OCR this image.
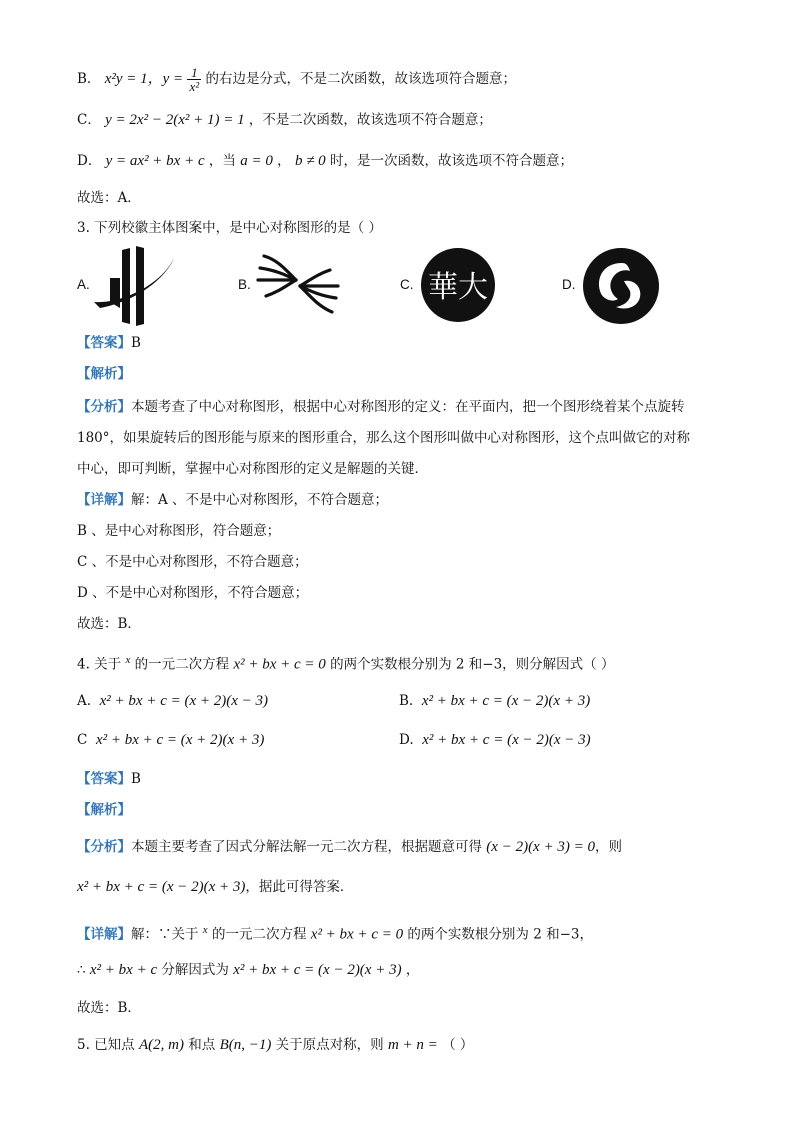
B． x²y = 1，$y = \frac{1}{\text{x²}}$ 的右边是分式，不是二次函数，故该选项符合题意；
C． y = 2x² − 2(x² + 1) = 1 ，不是二次函数，故该选项不符合题意；
D． y = ax² + bx + c ，当 a = 0 ， b ≠ 0 时，是一次函数，故该选项不符合题意；
故选：A．
3. 下列校徽主体图案中，是中心对称图形的是（ ）
A.	B.	C. 華大	D.
【答案】B
【解析】
【分析】本题考查了中心对称图形，根据中心对称图形的定义：在平面内，把一个图形绕着某个点旋转
180°，如果旋转后的图形能与原来的图形重合，那么这个图形叫做中心对称图形，这个点叫做它的对称
中心，即可判断，掌握中心对称图形的定义是解题的关键．
【详解】解：A 、不是中心对称图形，不符合题意；
B 、是中心对称图形，符合题意；
C 、不是中心对称图形，不符合题意；
D 、不是中心对称图形，不符合题意；
故选：B．
4. 关于 $^x$ 的一元二次方程 x² + bx + c = 0 的两个实数根分别为 2 和−3，则分解因式（ ）
A. x² + bx + c = (x + 2)(x − 3)	B. x² + bx + c = (x − 2)(x + 3)
C x² + bx + c = (x + 2)(x + 3)	D. x² + bx + c = (x − 2)(x − 3)
【答案】B
【解析】
【分析】本题主要考查了因式分解法解一元二次方程，根据题意可得 (x − 2)(x + 3) = 0，则
x² + bx + c = (x − 2)(x + 3)，据此可得答案．
【详解】解：∵关于 $^x$ 的一元二次方程 x² + bx + c = 0 的两个实数根分别为 2 和−3，
∴ x² + bx + c 分解因式为 x² + bx + c = (x − 2)(x + 3) ，
故选：B．
5. 已知点 A(2, m) 和点 B(n, −1) 关于原点对称，则 m + n = （ ）
